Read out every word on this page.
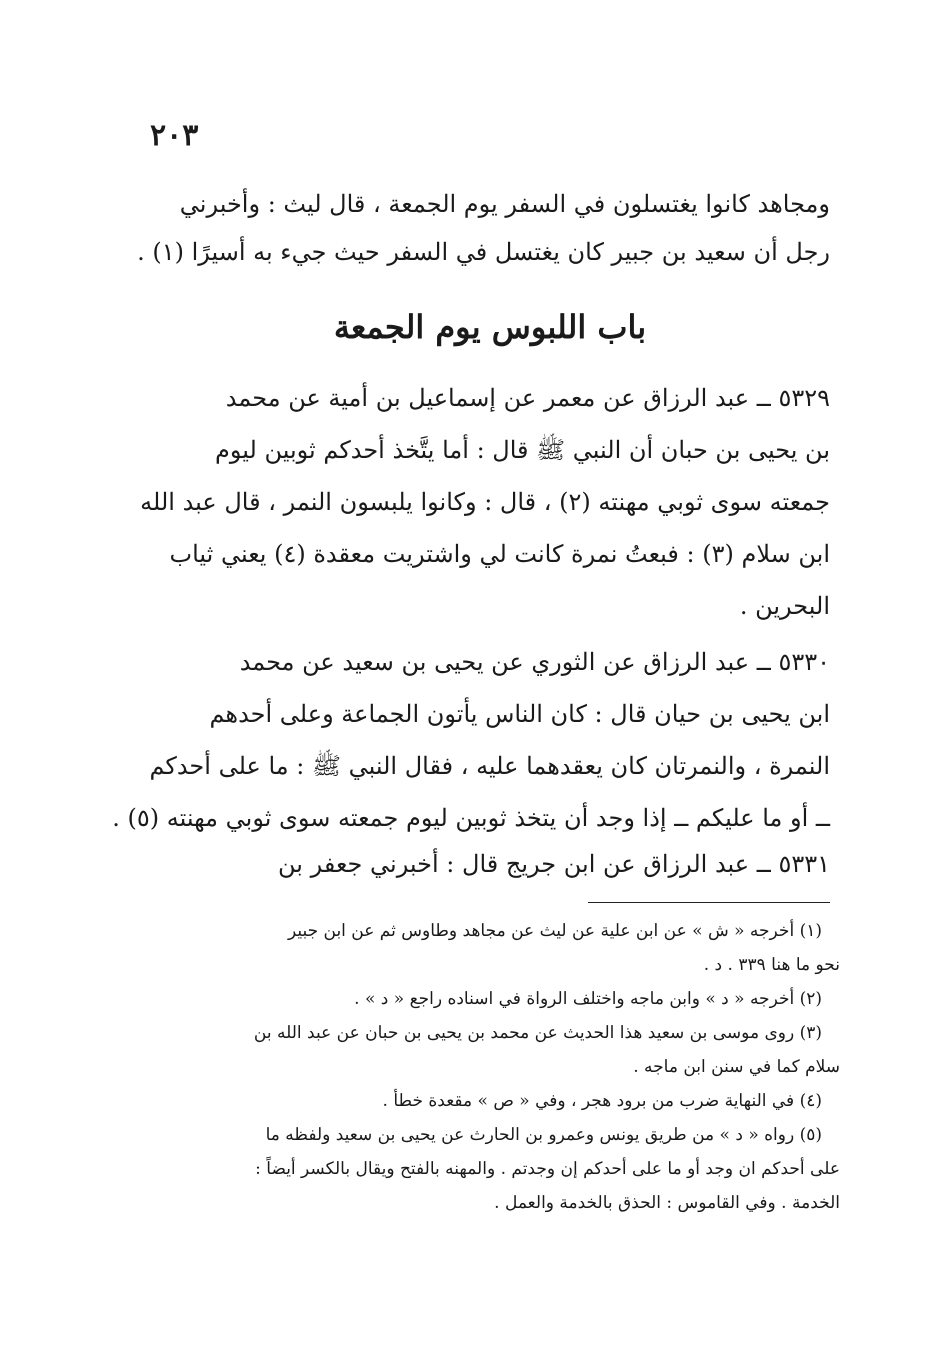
٢٠٣
ومجاهد كانوا يغتسلون في السفر يوم الجمعة ، قال ليث : وأخبرني
رجل أن سعيد بن جبير كان يغتسل في السفر حيث جيء به أسيرًا (١) .
باب اللبوس يوم الجمعة
٥٣٢٩ ــ عبد الرزاق عن معمر عن إسماعيل بن أمية عن محمد
بن يحيى بن حبان أن النبي ﷺ قال : أما يتَّخذ أحدكم ثوبين ليوم
جمعته سوى ثوبي مهنته (٢) ، قال : وكانوا يلبسون النمر ، قال عبد الله
ابن سلام (٣) : فبعتُ نمرة كانت لي واشتريت معقدة (٤) يعني ثياب
البحرين .
٥٣٣٠ ــ عبد الرزاق عن الثوري عن يحيى بن سعيد عن محمد
ابن يحيى بن حيان قال : كان الناس يأتون الجماعة وعلى أحدهم
النمرة ، والنمرتان كان يعقدهما عليه ، فقال النبي ﷺ : ما على أحدكم
ــ أو ما عليكم ــ إذا وجد أن يتخذ ثوبين ليوم جمعته سوى ثوبي مهنته (٥) .
٥٣٣١ ــ عبد الرزاق عن ابن جريج قال : أخبرني جعفر بن
(١) أخرجه « ش » عن ابن علية عن ليث عن مجاهد وطاوس ثم عن ابن جبير
نحو ما هنا ٣٣٩ . د .
(٢) أخرجه « د » وابن ماجه واختلف الرواة في اسناده راجع « د » .
(٣) روى موسى بن سعيد هذا الحديث عن محمد بن يحيى بن حبان عن عبد الله بن
سلام كما في سنن ابن ماجه .
(٤) في النهاية ضرب من برود هجر ، وفي « ص » مقعدة خطأ .
(٥) رواه « د » من طريق يونس وعمرو بن الحارث عن يحيى بن سعيد ولفظه ما
على أحدكم ان وجد أو ما على أحدكم إن وجدتم . والمهنه بالفتح ويقال بالكسر أيضاً :
الخدمة . وفي القاموس : الحذق بالخدمة والعمل .
